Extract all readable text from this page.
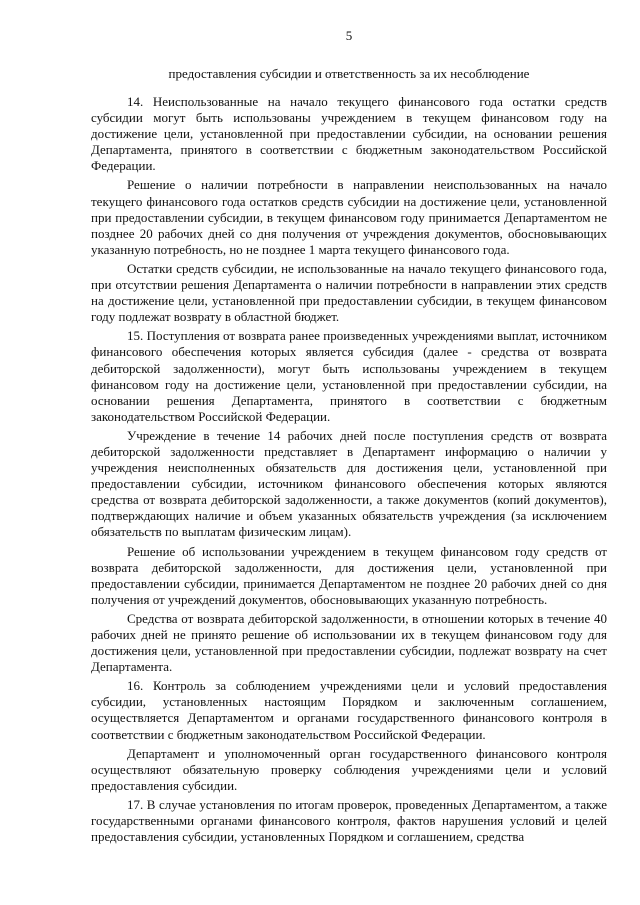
5
предоставления субсидии и ответственность за их несоблюдение

14. Неиспользованные на начало текущего финансового года остатки средств субсидии могут быть использованы учреждением в текущем финансовом году на достижение цели, установленной при предоставлении субсидии, на основании решения Департамента, принятого в соответствии с бюджетным законодательством Российской Федерации.

Решение о наличии потребности в направлении неиспользованных на начало текущего финансового года остатков средств субсидии на достижение цели, установленной при предоставлении субсидии, в текущем финансовом году принимается Департаментом не позднее 20 рабочих дней со дня получения от учреждения документов, обосновывающих указанную потребность, но не позднее 1 марта текущего финансового года.

Остатки средств субсидии, не использованные на начало текущего финансового года, при отсутствии решения Департамента о наличии потребности в направлении этих средств на достижение цели, установленной при предоставлении субсидии, в текущем финансовом году подлежат возврату в областной бюджет.

15. Поступления от возврата ранее произведенных учреждениями выплат, источником финансового обеспечения которых является субсидия (далее - средства от возврата дебиторской задолженности), могут быть использованы учреждением в текущем финансовом году на достижение цели, установленной при предоставлении субсидии, на основании решения Департамента, принятого в соответствии с бюджетным законодательством Российской Федерации.

Учреждение в течение 14 рабочих дней после поступления средств от возврата дебиторской задолженности представляет в Департамент информацию о наличии у учреждения неисполненных обязательств для достижения цели, установленной при предоставлении субсидии, источником финансового обеспечения которых являются средства от возврата дебиторской задолженности, а также документов (копий документов), подтверждающих наличие и объем указанных обязательств учреждения (за исключением обязательств по выплатам физическим лицам).

Решение об использовании учреждением в текущем финансовом году средств от возврата дебиторской задолженности, для достижения цели, установленной при предоставлении субсидии, принимается Департаментом не позднее 20 рабочих дней со дня получения от учреждений документов, обосновывающих указанную потребность.

Средства от возврата дебиторской задолженности, в отношении которых в течение 40 рабочих дней не принято решение об использовании их в текущем финансовом году для достижения цели, установленной при предоставлении субсидии, подлежат возврату на счет Департамента.

16. Контроль за соблюдением учреждениями цели и условий предоставления субсидии, установленных настоящим Порядком и заключенным соглашением, осуществляется Департаментом и органами государственного финансового контроля в соответствии с бюджетным законодательством Российской Федерации.

Департамент и уполномоченный орган государственного финансового контроля осуществляют обязательную проверку соблюдения учреждениями цели и условий предоставления субсидии.

17. В случае установления по итогам проверок, проведенных Департаментом, а также государственными органами финансового контроля, фактов нарушения условий и целей предоставления субсидии, установленных Порядком и соглашением, средства
